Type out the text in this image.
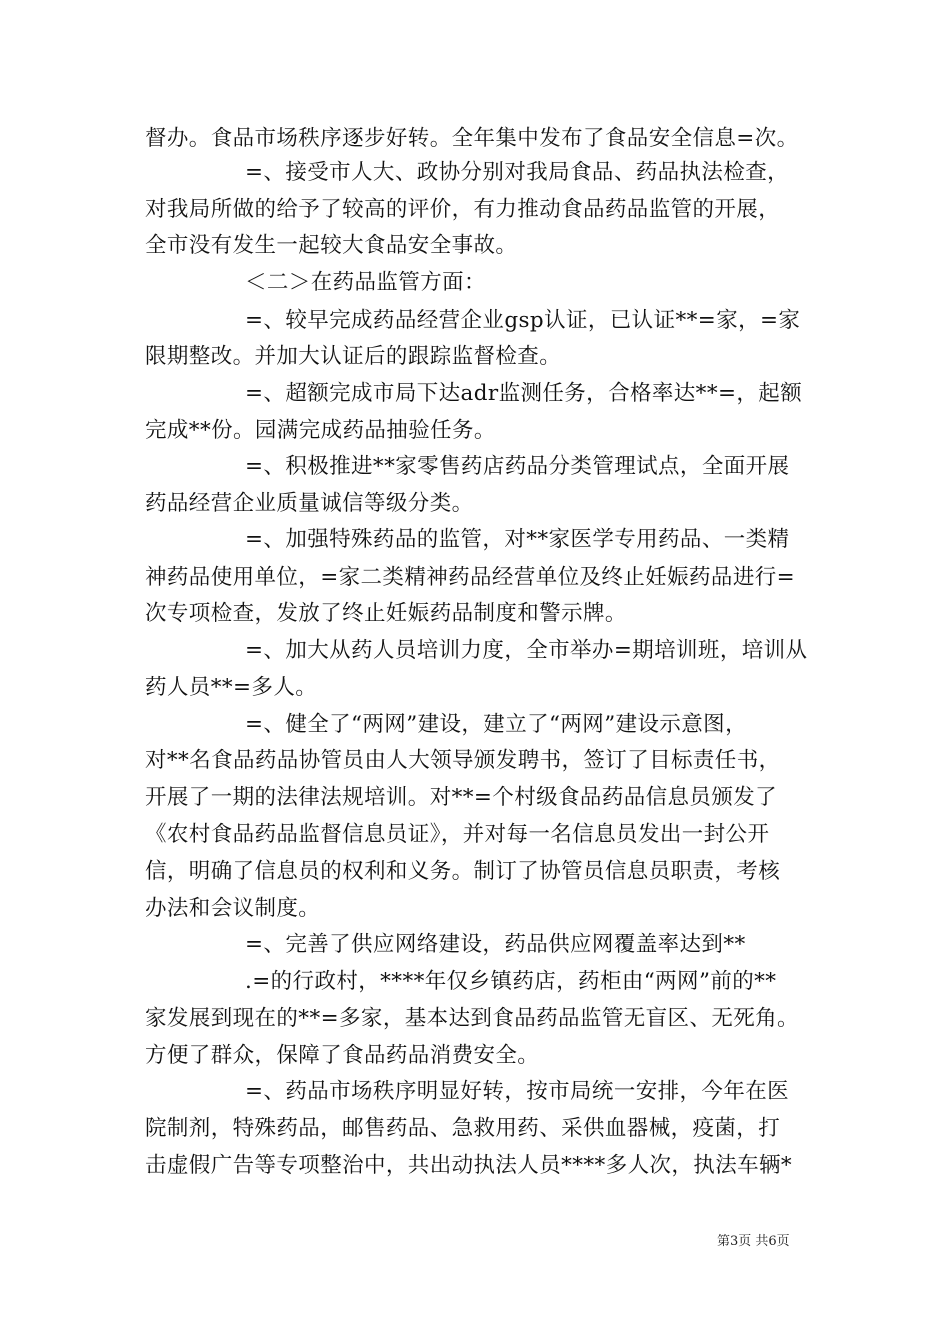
督办。食品市场秩序逐步好转。全年集中发布了食品安全信息=次。
=、接受市人大、政协分别对我局食品、药品执法检查，
对我局所做的给予了较高的评价，有力推动食品药品监管的开展，
全市没有发生一起较大食品安全事故。
＜二＞在药品监管方面：
=、较早完成药品经营企业gsp认证，已认证**=家，=家
限期整改。并加大认证后的跟踪监督检查。
=、超额完成市局下达adr监测任务，合格率达**=，起额
完成**份。园满完成药品抽验任务。
=、积极推进**家零售药店药品分类管理试点，全面开展
药品经营企业质量诚信等级分类。
=、加强特殊药品的监管，对**家医学专用药品、一类精
神药品使用单位，=家二类精神药品经营单位及终止妊娠药品进行=
次专项检查，发放了终止妊娠药品制度和警示牌。
=、加大从药人员培训力度，全市举办=期培训班，培训从
药人员**=多人。
=、健全了“两网”建设，建立了“两网”建设示意图，
对**名食品药品协管员由人大领导颁发聘书，签订了目标责任书，
开展了一期的法律法规培训。对**=个村级食品药品信息员颁发了
《农村食品药品监督信息员证》，并对每一名信息员发出一封公开
信，明确了信息员的权利和义务。制订了协管员信息员职责，考核
办法和会议制度。
=、完善了供应网络建设，药品供应网覆盖率达到**
.=的行政村，****年仅乡镇药店，药柜由“两网”前的**
家发展到现在的**=多家，基本达到食品药品监管无盲区、无死角。
方便了群众，保障了食品药品消费安全。
=、药品市场秩序明显好转，按市局统一安排，今年在医
院制剂，特殊药品，邮售药品、急救用药、采供血器械，疫菌，打
击虚假广告等专项整治中，共出动执法人员****多人次，执法车辆*
第3页 共6页
